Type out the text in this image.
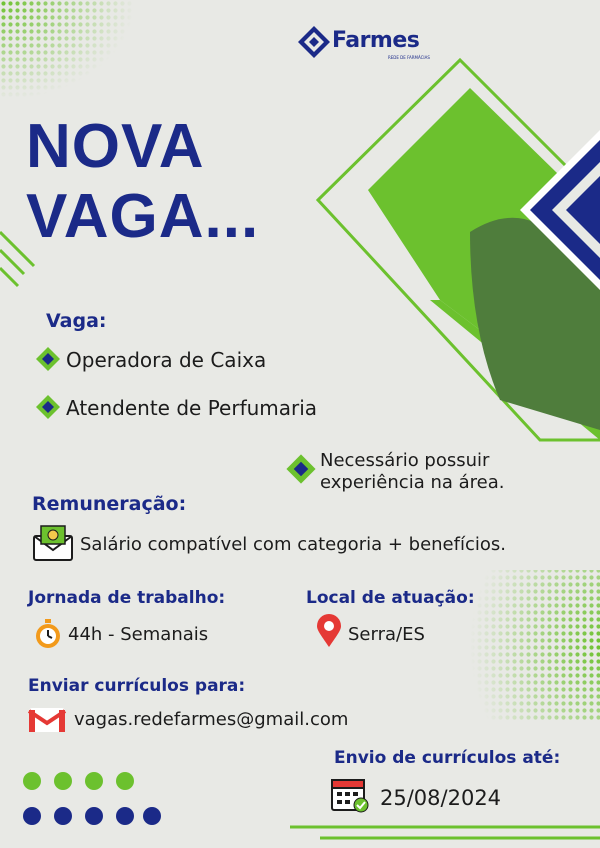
Farmes
REDE DE FARMÁCIAS
NOVA
VAGA...
Vaga:
Operadora de Caixa
Atendente de Perfumaria
Necessário possuir
experiência na área.
Remuneração:
Salário compatível com categoria + benefícios.
Jornada de trabalho:
44h - Semanais
Local de atuação:
Serra/ES
Enviar currículos para:
vagas.redefarmes@gmail.com
Envio de currículos até:
25/08/2024
